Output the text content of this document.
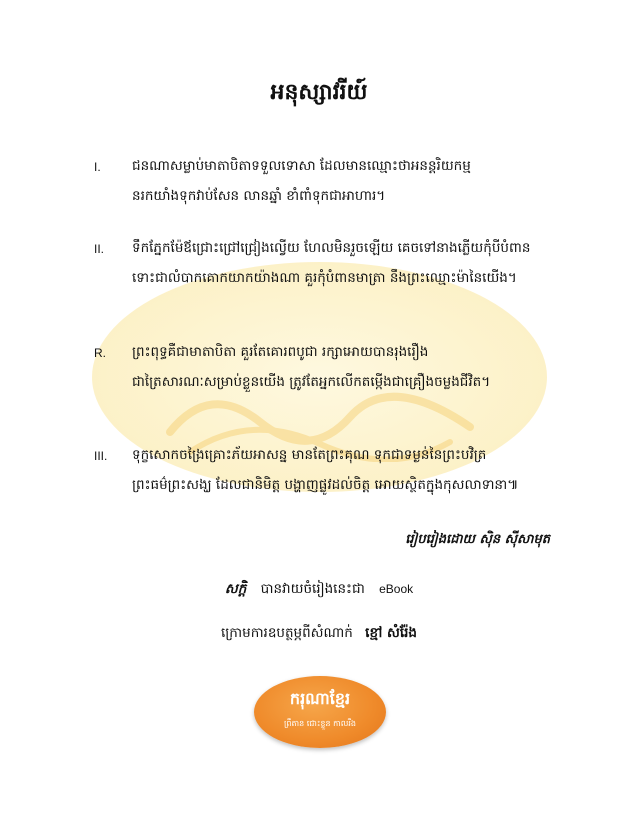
អនុស្សាវរីយ៍
I. ជនណាសម្លាប់មាតាបិតាទទួលទោសា ដែលមានឈ្មោះថាអនន្តរិយកម្ម
នរកយាំងទុកវាប់សែន លានឆ្នាំ ខាំពាំទុកជាអាហារ។
II. ទឹកភ្នែកម៉ែឪជ្រោះជ្រៅជ្រៀងល្វើយ ហែលមិនរួចឡើយ គេចទៅនាងភ្លើយកុំបីបំពាន
ទោះជាលំបាកគោកយាកយ៉ាងណា គួរកុំបំពានមាត្រា នឹងព្រះឈ្មោះម៉ានៃយើង។
R. ព្រះពុទ្ធគឺជាមាតាបិតា គួរតែគោរពបូជា រក្សាអោយបានរុងរឿង
ជាត្រៃសារណៈសម្រាប់ខ្លួនយើង ត្រូវតែអ្នកលើកតម្កើងជាគ្រឿងចម្លងជីវិត។
III. ទុក្ខសោកចង្រៃគ្រោះភ័យអាសន្ន មានតែព្រះគុណ ទុកជាទម្ងន់នៃព្រះបវិត្រ
ព្រះធម៌ព្រះសង្ឃ ដែលជានិមិត្ត បង្ហាញផ្លូវដល់ចិត្ត អោយស្ថិតក្នុងកុសលាទានា៕
រៀបរៀងដោយ ស៊ិន ស៊ីសាមុត
សក្តិ បានវាយចំរៀងនេះជា eBook
ក្រោមការឧបត្ថម្ភពីសំណាក់ ខ្មៅ សំរ៉ែង
ករុណាខ្មែរ
ព្រឹតាន ជោះខ្លួន កាលរឹង
